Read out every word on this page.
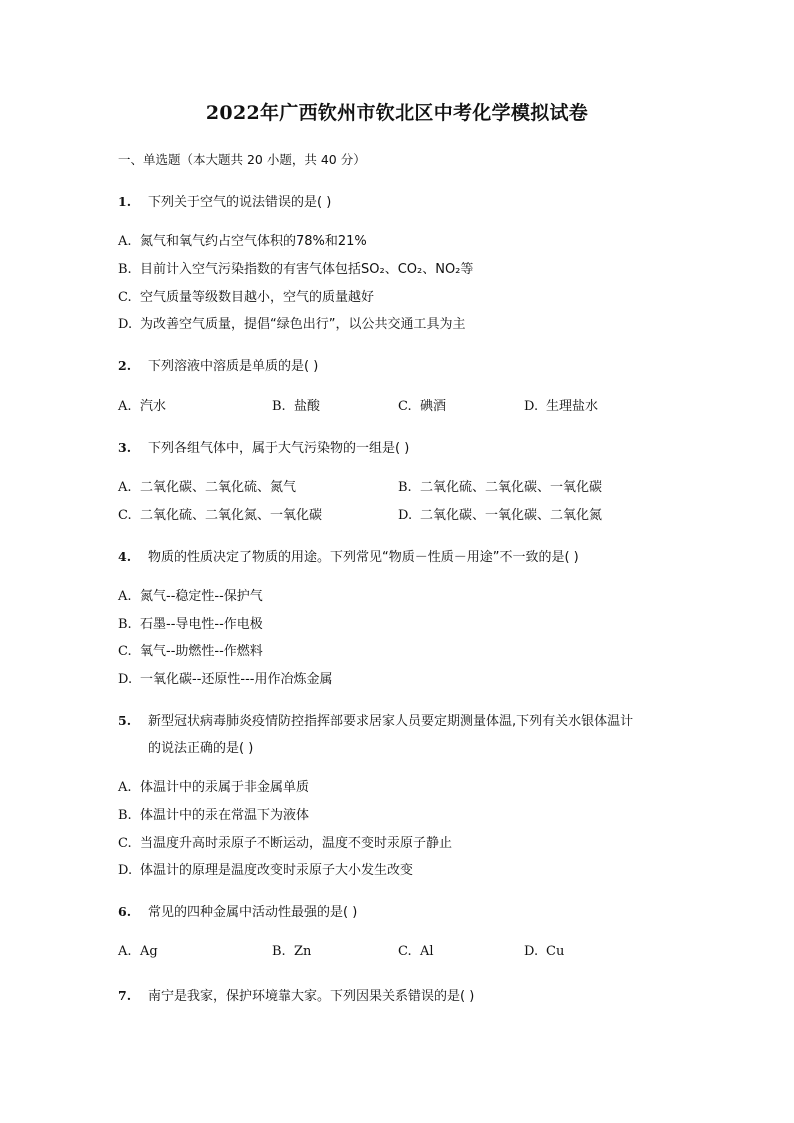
2022年广西钦州市钦北区中考化学模拟试卷
一、单选题（本大题共 20 小题，共 40 分）
1. 下列关于空气的说法错误的是( )
A. 氮气和氧气约占空气体积的78%和21%
B. 目前计入空气污染指数的有害气体包括SO₂、CO₂、NO₂等
C. 空气质量等级数目越小，空气的质量越好
D. 为改善空气质量，提倡“绿色出行”，以公共交通工具为主
2. 下列溶液中溶质是单质的是( )
A. 汽水	B. 盐酸	C. 碘酒	D. 生理盐水
3. 下列各组气体中，属于大气污染物的一组是( )
A. 二氧化碳、二氧化硫、氮气	B. 二氧化硫、二氧化碳、一氧化碳
C. 二氧化硫、二氧化氮、一氧化碳	D. 二氧化碳、一氧化碳、二氧化氮
4. 物质的性质决定了物质的用途。下列常见“物质－性质－用途”不一致的是( )
A. 氮气--稳定性--保护气
B. 石墨--导电性--作电极
C. 氧气--助燃性--作燃料
D. 一氧化碳--还原性---用作冶炼金属
5. 新型冠状病毒肺炎疫情防控指挥部要求居家人员要定期测量体温,下列有关水银体温计
的说法正确的是( )
A. 体温计中的汞属于非金属单质
B. 体温计中的汞在常温下为液体
C. 当温度升高时汞原子不断运动，温度不变时汞原子静止
D. 体温计的原理是温度改变时汞原子大小发生改变
6. 常见的四种金属中活动性最强的是( )
A. Ag	B. Zn	C. Al	D. Cu
7. 南宁是我家，保护环境靠大家。下列因果关系错误的是( )
